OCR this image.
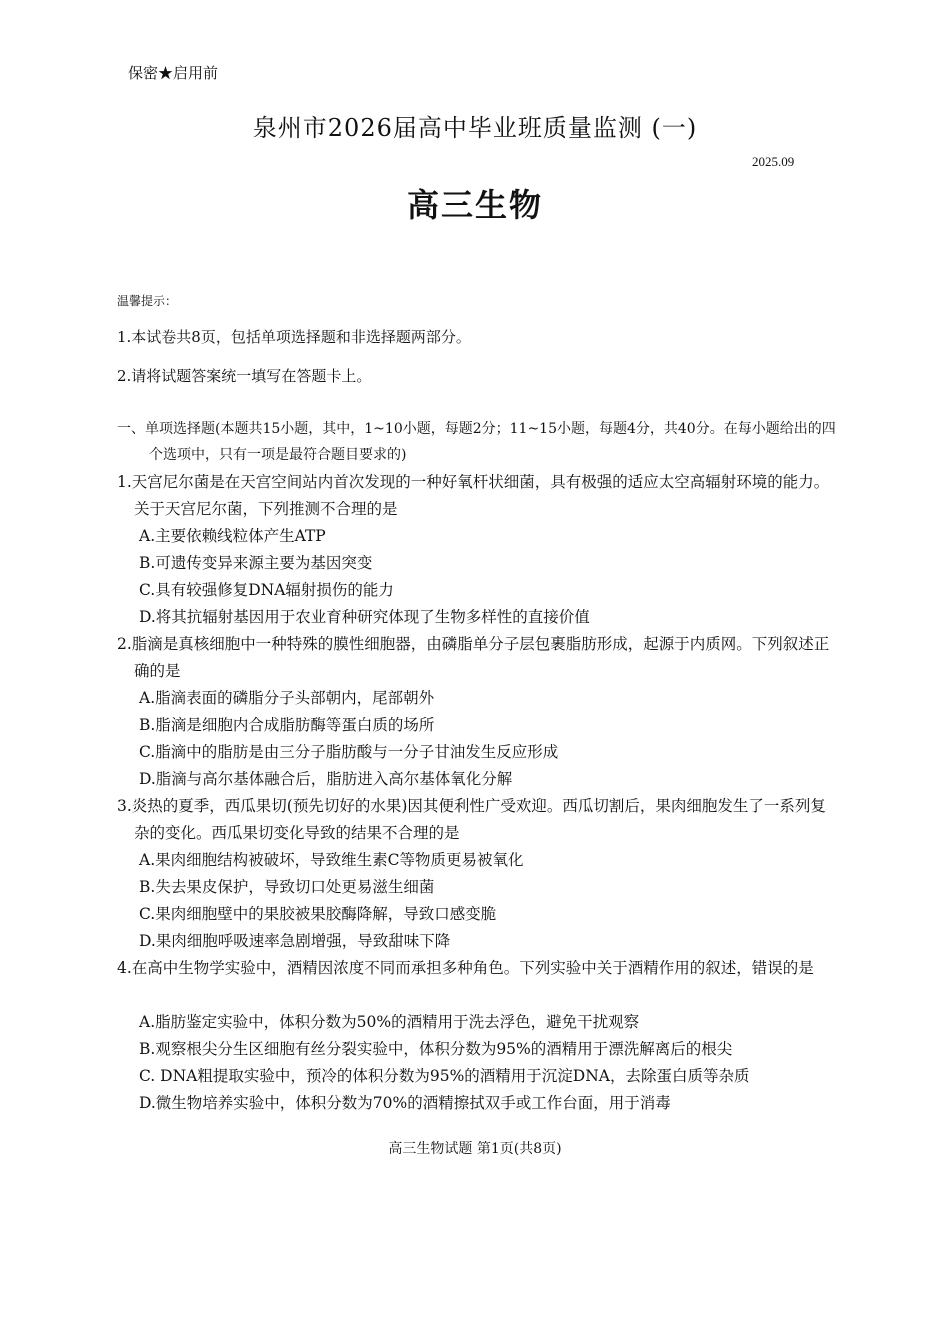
保密★启用前
泉州市2026届高中毕业班质量监测 (一)
2025.09
高三生物
温馨提示：
1.本试卷共8页，包括单项选择题和非选择题两部分。
2.请将试题答案统一填写在答题卡上。
一、单项选择题(本题共15小题，其中，1~10小题，每题2分；11~15小题，每题4分，共40分。在每小题给出的四个选项中，只有一项是最符合题目要求的)
1.天宫尼尔菌是在天宫空间站内首次发现的一种好氧杆状细菌，具有极强的适应太空高辐射环境的能力。关于天宫尼尔菌，下列推测不合理的是
A.主要依赖线粒体产生ATP
B.可遗传变异来源主要为基因突变
C.具有较强修复DNA辐射损伤的能力
D.将其抗辐射基因用于农业育种研究体现了生物多样性的直接价值
2.脂滴是真核细胞中一种特殊的膜性细胞器，由磷脂单分子层包裹脂肪形成，起源于内质网。下列叙述正确的是
A.脂滴表面的磷脂分子头部朝内，尾部朝外
B.脂滴是细胞内合成脂肪酶等蛋白质的场所
C.脂滴中的脂肪是由三分子脂肪酸与一分子甘油发生反应形成
D.脂滴与高尔基体融合后，脂肪进入高尔基体氧化分解
3.炎热的夏季，西瓜果切(预先切好的水果)因其便利性广受欢迎。西瓜切割后，果肉细胞发生了一系列复杂的变化。西瓜果切变化导致的结果不合理的是
A.果肉细胞结构被破坏，导致维生素C等物质更易被氧化
B.失去果皮保护，导致切口处更易滋生细菌
C.果肉细胞壁中的果胶被果胶酶降解，导致口感变脆
D.果肉细胞呼吸速率急剧增强，导致甜味下降
4.在高中生物学实验中，酒精因浓度不同而承担多种角色。下列实验中关于酒精作用的叙述，错误的是
A.脂肪鉴定实验中，体积分数为50%的酒精用于洗去浮色，避免干扰观察
B.观察根尖分生区细胞有丝分裂实验中，体积分数为95%的酒精用于漂洗解离后的根尖
C. DNA粗提取实验中，预冷的体积分数为95%的酒精用于沉淀DNA，去除蛋白质等杂质
D.微生物培养实验中，体积分数为70%的酒精擦拭双手或工作台面，用于消毒
高三生物试题 第1页(共8页)
